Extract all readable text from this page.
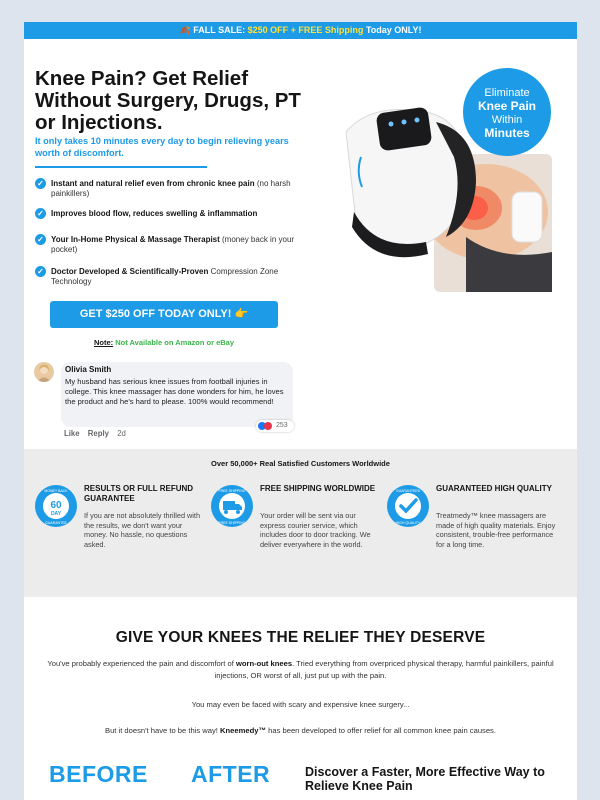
🍂 FALL SALE: $250 OFF + FREE Shipping Today ONLY!
Knee Pain? Get Relief Without Surgery, Drugs, PT or Injections.

It only takes 10 minutes every day to begin relieving years worth of discomfort.

✓ Instant and natural relief even from chronic knee pain (no harsh painkillers)
✓ Improves blood flow, reduces swelling & inflammation
✓ Your In-Home Physical & Massage Therapist (money back in your pocket)
✓ Doctor Developed & Scientifically-Proven Compression Zone Technology
GET $250 OFF TODAY ONLY! 👉
Note: Not Available on Amazon or eBay
Eliminate
Knee Pain
Within
Minutes
Olivia Smith

My husband has serious knee issues from football injuries in college. This knee massager has done wonders for him, he loves the product and he's hard to please. 100% would recommend!

253
Like Reply 2d
Over 50,000+ Real Satisfied Customers Worldwide
60
DAY
MONEY BACK
GUARANTEE
RESULTS OR FULL REFUND GUARANTEE
If you are not absolutely thrilled with the results, we don't want your money. No hassle, no questions asked.
FREE SHIPPING
FREE SHIPPING
FREE SHIPPING WORLDWIDE
Your order will be sent via our express courier service, which includes door to door tracking. We deliver everywhere in the world.
GUARANTEED
HIGH QUALITY
GUARANTEED HIGH QUALITY
Treatmedy™ knee massagers are made of high quality materials. Enjoy consistent, trouble-free performance for a long time.
GIVE YOUR KNEES THE RELIEF THEY DESERVE

You've probably experienced the pain and discomfort of worn-out knees. Tried everything from overpriced physical therapy, harmful painkillers, painful injections, OR worst of all, just put up with the pain.

You may even be faced with scary and expensive knee surgery...

But it doesn't have to be this way! Kneemedy™ has been developed to offer relief for all common knee pain causes.

BEFORE AFTER	Discover a Faster, More Effective Way to Relieve Knee Pain
